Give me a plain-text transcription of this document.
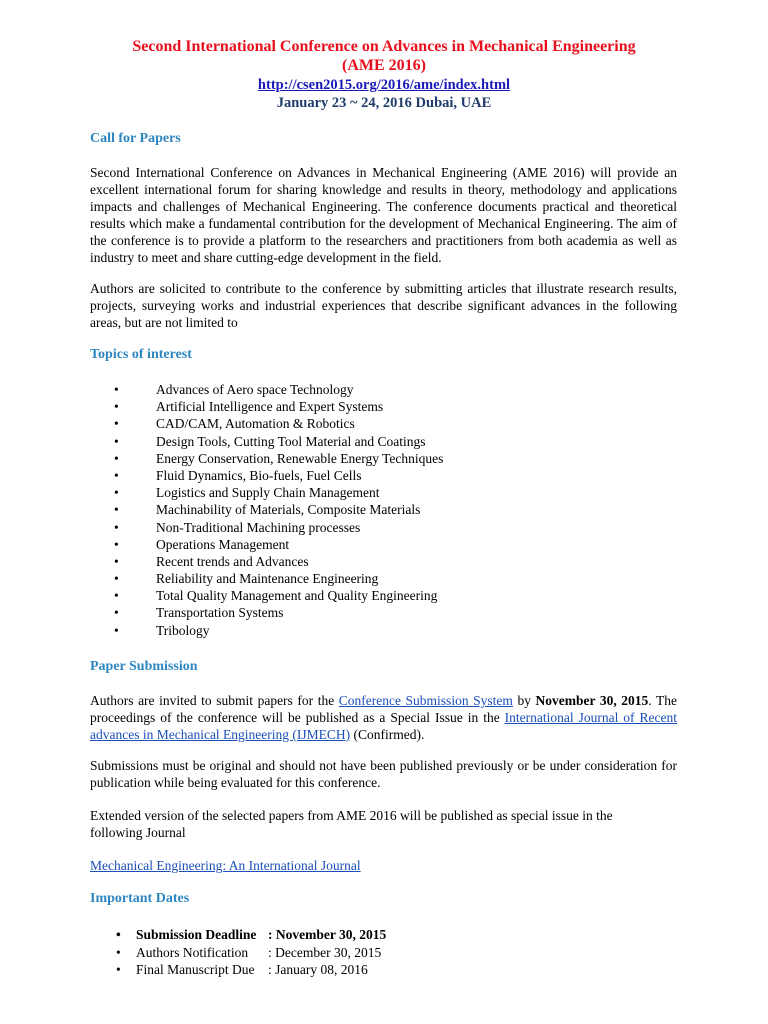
Second International Conference on Advances in Mechanical Engineering
(AME 2016)
http://csen2015.org/2016/ame/index.html
January 23 ~ 24, 2016 Dubai, UAE
Call for Papers
Second International Conference on Advances in Mechanical Engineering (AME 2016) will provide an excellent international forum for sharing knowledge and results in theory, methodology and applications impacts and challenges of Mechanical Engineering. The conference documents practical and theoretical results which make a fundamental contribution for the development of Mechanical Engineering. The aim of the conference is to provide a platform to the researchers and practitioners from both academia as well as industry to meet and share cutting-edge development in the field.
Authors are solicited to contribute to the conference by submitting articles that illustrate research results, projects, surveying works and industrial experiences that describe significant advances in the following areas, but are not limited to
Topics of interest
•	Advances of Aero space Technology
•	Artificial Intelligence and Expert Systems
•	CAD/CAM, Automation & Robotics
•	Design Tools, Cutting Tool Material and Coatings
•	Energy Conservation, Renewable Energy Techniques
•	Fluid Dynamics, Bio-fuels, Fuel Cells
•	Logistics and Supply Chain Management
•	Machinability of Materials, Composite Materials
•	Non-Traditional Machining processes
•	Operations Management
•	Recent trends and Advances
•	Reliability and Maintenance Engineering
•	Total Quality Management and Quality Engineering
•	Transportation Systems
•	Tribology
Paper Submission
Authors are invited to submit papers for the Conference Submission System by November 30, 2015. The proceedings of the conference will be published as a Special Issue in the International Journal of Recent advances in Mechanical Engineering (IJMECH) (Confirmed).
Submissions must be original and should not have been published previously or be under consideration for publication while being evaluated for this conference.
Extended version of the selected papers from AME 2016 will be published as special issue in the following Journal
Mechanical Engineering: An International Journal
Important Dates
• Submission Deadline : November 30, 2015
• Authors Notification : December 30, 2015
• Final Manuscript Due : January 08, 2016
